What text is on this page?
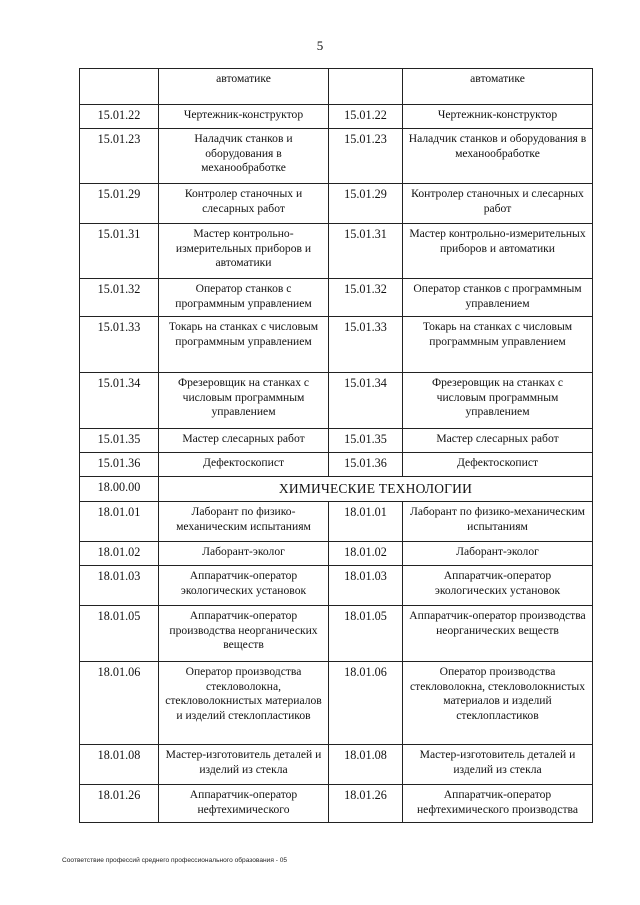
5
	автоматике		автоматике
15.01.22	Чертежник-конструктор	15.01.22	Чертежник-конструктор
15.01.23	Наладчик станков и оборудования в механообработке	15.01.23	Наладчик станков и оборудования в механообработке
15.01.29	Контролер станочных и слесарных работ	15.01.29	Контролер станочных и слесарных работ
15.01.31	Мастер контрольно-измерительных приборов и автоматики	15.01.31	Мастер контрольно-измерительных приборов и автоматики
15.01.32	Оператор станков с программным управлением	15.01.32	Оператор станков с программным управлением
15.01.33	Токарь на станках с числовым программным управлением	15.01.33	Токарь на станках с числовым программным управлением
15.01.34	Фрезеровщик на станках с числовым программным управлением	15.01.34	Фрезеровщик на станках с числовым программным управлением
15.01.35	Мастер слесарных работ	15.01.35	Мастер слесарных работ
15.01.36	Дефектоскопист	15.01.36	Дефектоскопист
18.00.00	ХИМИЧЕСКИЕ ТЕХНОЛОГИИ		
18.01.01	Лаборант по физико-механическим испытаниям	18.01.01	Лаборант по физико-механическим испытаниям
18.01.02	Лаборант-эколог	18.01.02	Лаборант-эколог
18.01.03	Аппаратчик-оператор экологических установок	18.01.03	Аппаратчик-оператор экологических установок
18.01.05	Аппаратчик-оператор производства неорганических веществ	18.01.05	Аппаратчик-оператор производства неорганических веществ
18.01.06	Оператор производства стекловолокна, стекловолокнистых материалов и изделий стеклопластиков	18.01.06	Оператор производства стекловолокна, стекловолокнистых материалов и изделий стеклопластиков
18.01.08	Мастер-изготовитель деталей и изделий из стекла	18.01.08	Мастер-изготовитель деталей и изделий из стекла
18.01.26	Аппаратчик-оператор нефтехимического	18.01.26	Аппаратчик-оператор нефтехимического производства
Соответствие профессий среднего профессионального образования - 05
